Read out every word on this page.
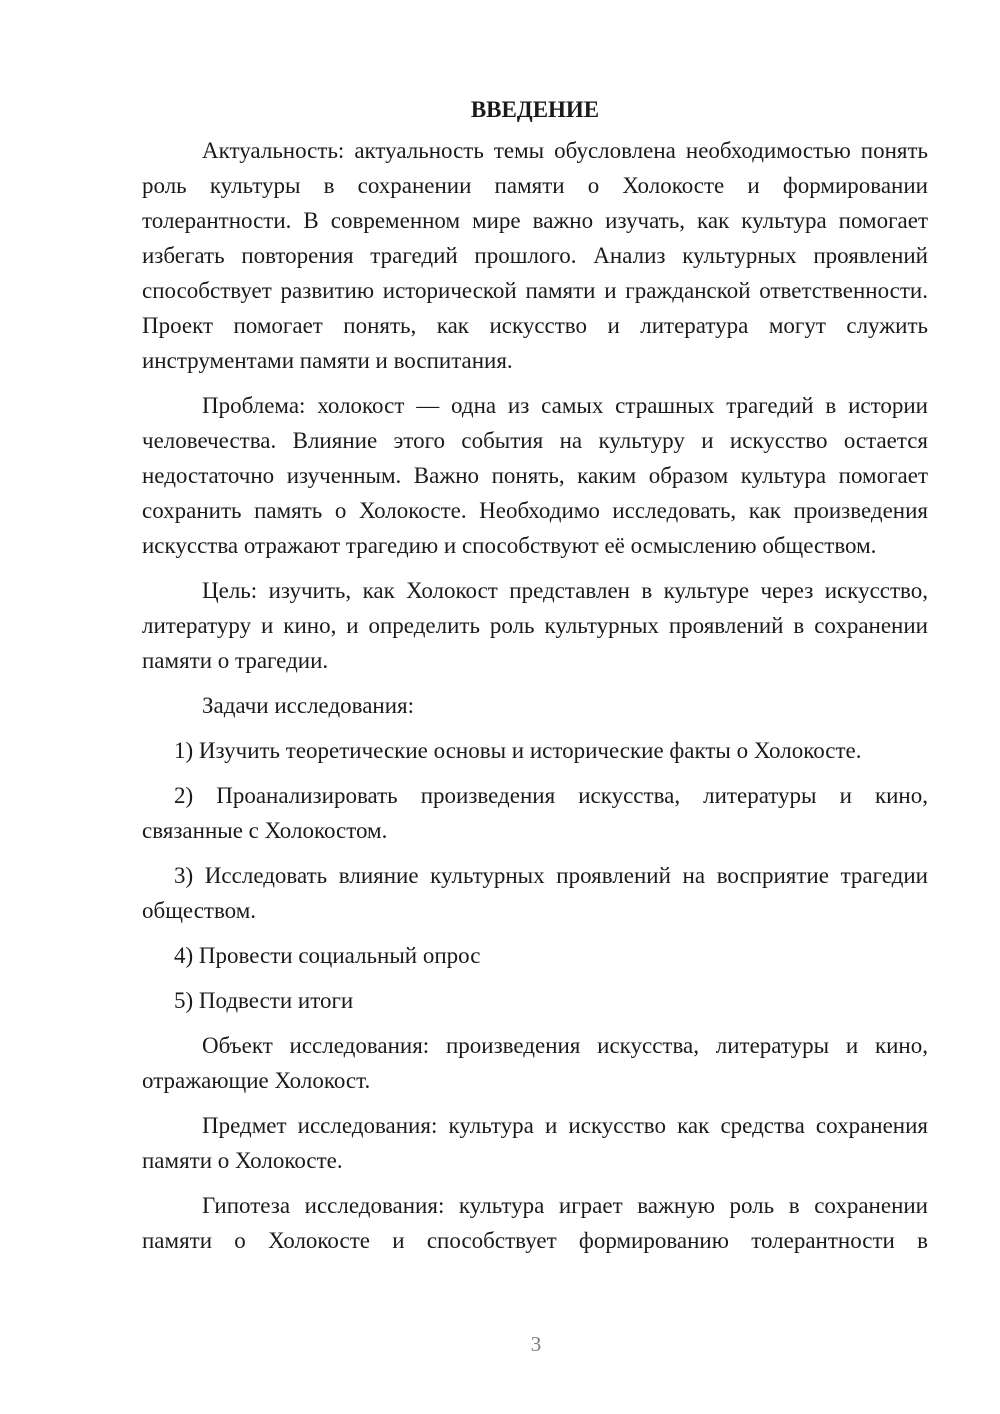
ВВЕДЕНИЕ

Актуальность: актуальность темы обусловлена необходимостью понять роль культуры в сохранении памяти о Холокосте и формировании толерантности. В современном мире важно изучать, как культура помогает избегать повторения трагедий прошлого. Анализ культурных проявлений способствует развитию исторической памяти и гражданской ответственности. Проект помогает понять, как искусство и литература могут служить инструментами памяти и воспитания.

Проблема: холокост — одна из самых страшных трагедий в истории человечества. Влияние этого события на культуру и искусство остается недостаточно изученным. Важно понять, каким образом культура помогает сохранить память о Холокосте. Необходимо исследовать, как произведения искусства отражают трагедию и способствуют её осмыслению обществом.

Цель: изучить, как Холокост представлен в культуре через искусство, литературу и кино, и определить роль культурных проявлений в сохранении памяти о трагедии.

Задачи исследования:

1) Изучить теоретические основы и исторические факты о Холокосте.

2) Проанализировать произведения искусства, литературы и кино, связанные с Холокостом.

3) Исследовать влияние культурных проявлений на восприятие трагедии обществом.

4) Провести социальный опрос

5) Подвести итоги

Объект исследования: произведения искусства, литературы и кино, отражающие Холокост.

Предмет исследования: культура и искусство как средства сохранения памяти о Холокосте.

Гипотеза исследования: культура играет важную роль в сохранении памяти о Холокосте и способствует формированию толерантности в

3
